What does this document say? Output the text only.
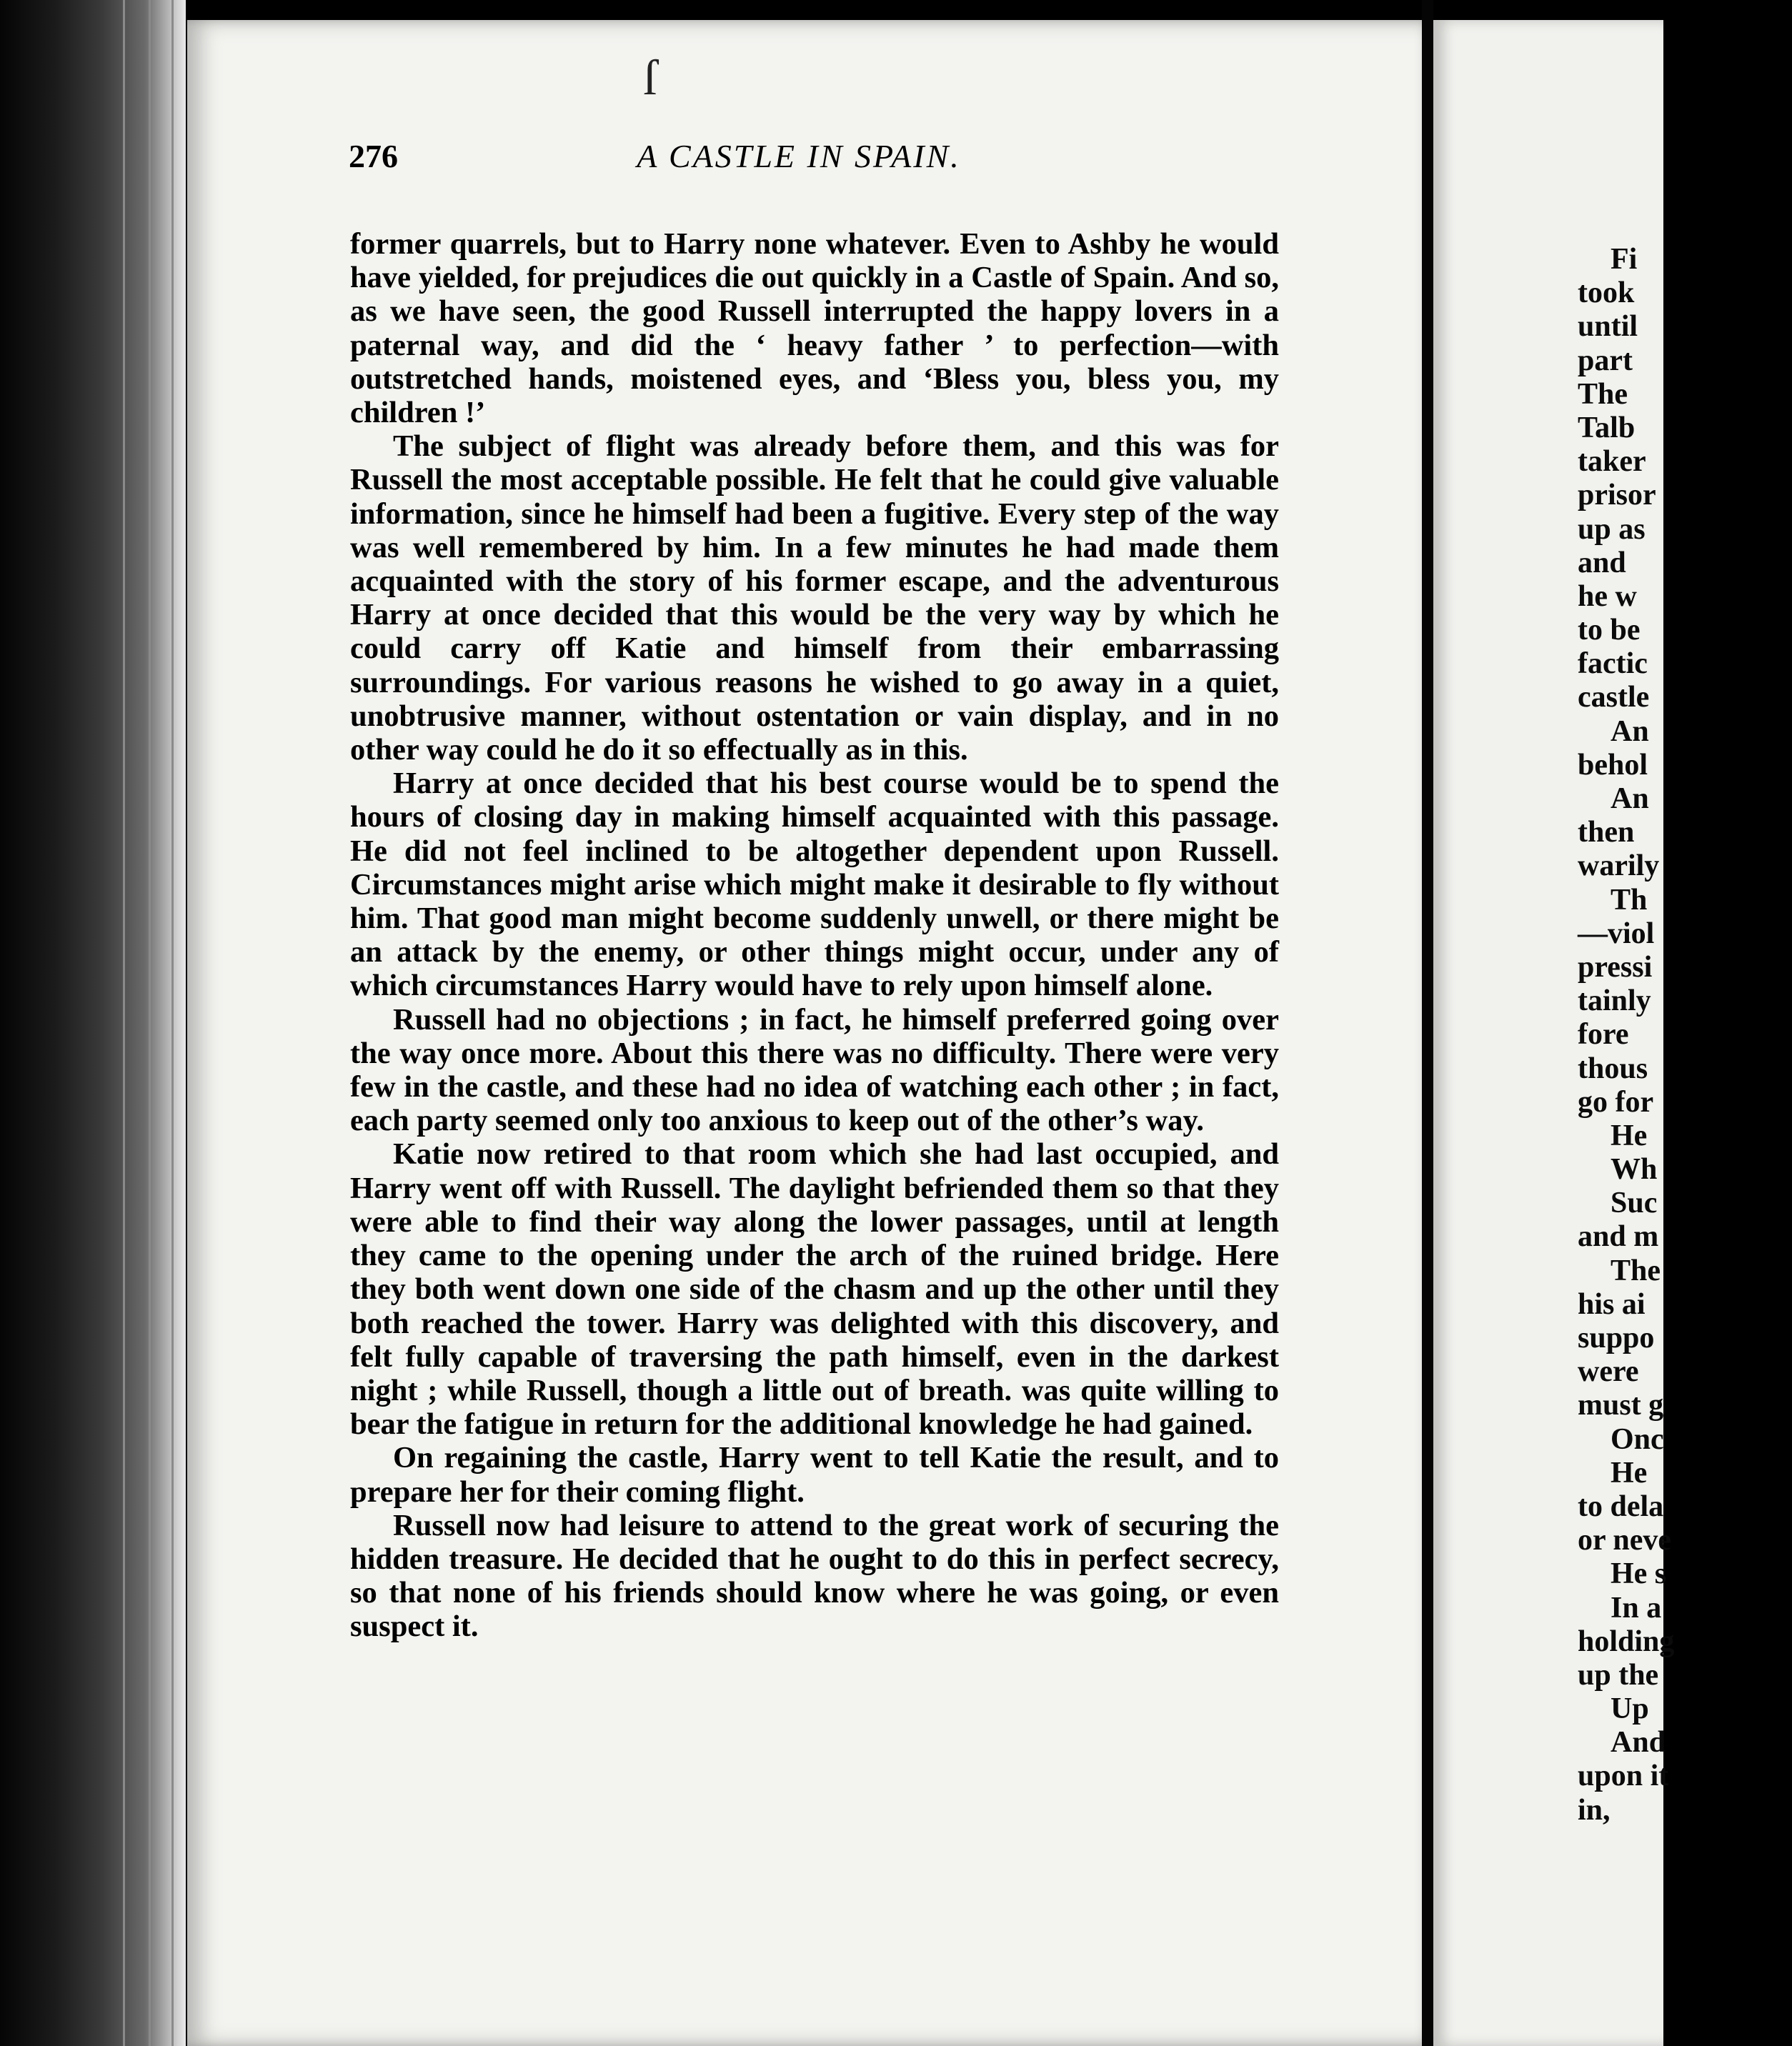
Fi
took
until
part
The
Talb
taker
prisor
up as
and
he w
to be
factic
castle
An
behol
An
then
warily
Th
—viol
pressi
tainly
fore
thous
go for
He
Wh
Suc
and m
The
his ai
suppo
were
must g
Onc
He
to dela
or neve
He s
In a
holding
up the
Up
And
upon it
in,
ſ
276	A CASTLE IN SPAIN.

former quarrels, but to Harry none whatever. Even to Ashby he would have yielded, for prejudices die out quickly in a Castle of Spain. And so, as we have seen, the good Russell interrupted the happy lovers in a paternal way, and did the ‘ heavy father ’ to perfection—with outstretched hands, moistened eyes, and ‘Bless you, bless you, my children !’

The subject of flight was already before them, and this was for Russell the most acceptable possible. He felt that he could give valuable information, since he himself had been a fugitive. Every step of the way was well remembered by him. In a few minutes he had made them acquainted with the story of his former escape, and the adventurous Harry at once decided that this would be the very way by which he could carry off Katie and himself from their embarrassing surroundings. For various reasons he wished to go away in a quiet, unobtrusive manner, without ostentation or vain display, and in no other way could he do it so effectually as in this.

Harry at once decided that his best course would be to spend the hours of closing day in making himself acquainted with this passage. He did not feel inclined to be altogether dependent upon Russell. Circumstances might arise which might make it desirable to fly without him. That good man might become suddenly unwell, or there might be an attack by the enemy, or other things might occur, under any of which circumstances Harry would have to rely upon himself alone.

Russell had no objections ; in fact, he himself preferred going over the way once more. About this there was no difficulty. There were very few in the castle, and these had no idea of watching each other ; in fact, each party seemed only too anxious to keep out of the other’s way.

Katie now retired to that room which she had last occupied, and Harry went off with Russell. The daylight befriended them so that they were able to find their way along the lower passages, until at length they came to the opening under the arch of the ruined bridge. Here they both went down one side of the chasm and up the other until they both reached the tower. Harry was delighted with this discovery, and felt fully capable of traversing the path himself, even in the darkest night ; while Russell, though a little out of breath. was quite willing to bear the fatigue in return for the additional knowledge he had gained.

On regaining the castle, Harry went to tell Katie the result, and to prepare her for their coming flight.

Russell now had leisure to attend to the great work of securing the hidden treasure. He decided that he ought to do this in perfect secrecy, so that none of his friends should know where he was going, or even suspect it.
